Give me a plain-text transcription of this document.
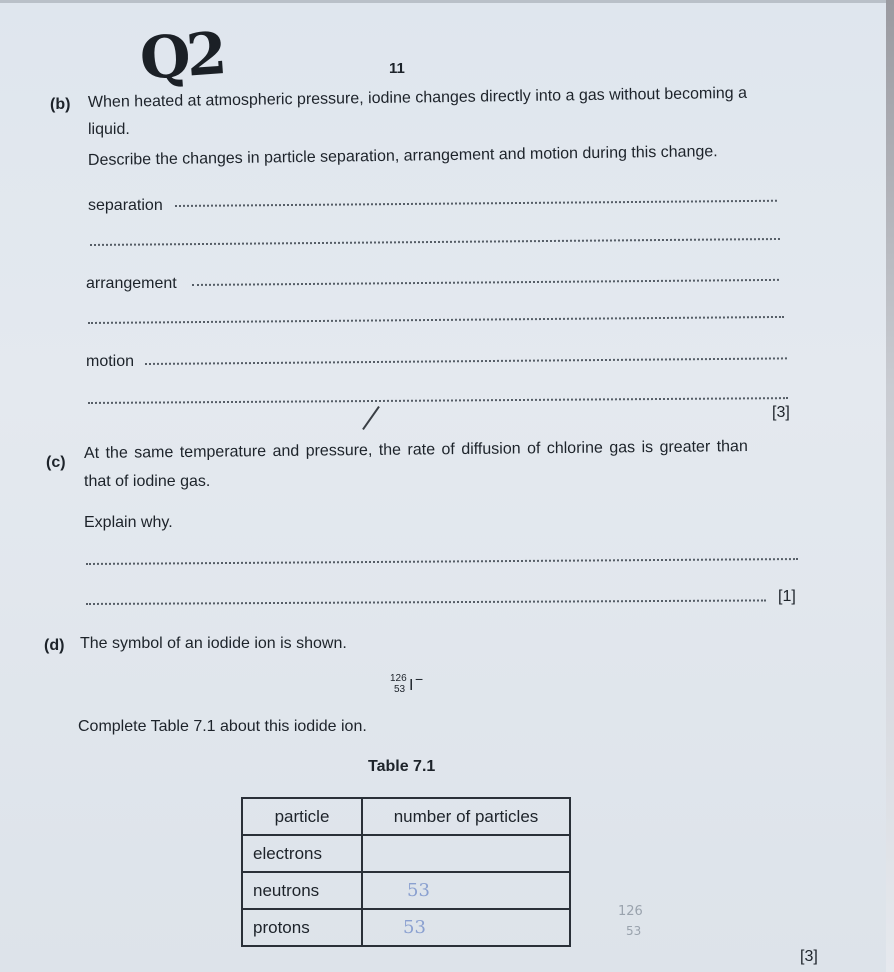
Q2	11
(b) When heated at atmospheric pressure, iodine changes directly into a gas without becoming a
liquid.
Describe the changes in particle separation, arrangement and motion during this change.
separation
arrangement
motion
[3]
(c)
At the same temperature and pressure, the rate of diffusion of chlorine gas is greater than
that of iodine gas.
Explain why.
[1]
(d) The symbol of an iodide ion is shown.
126
53 I −
Complete Table 7.1 about this iodide ion.
Table 7.1
particle	number of particles
electrons	
neutrons	53
protons	53
126
53
[3]
